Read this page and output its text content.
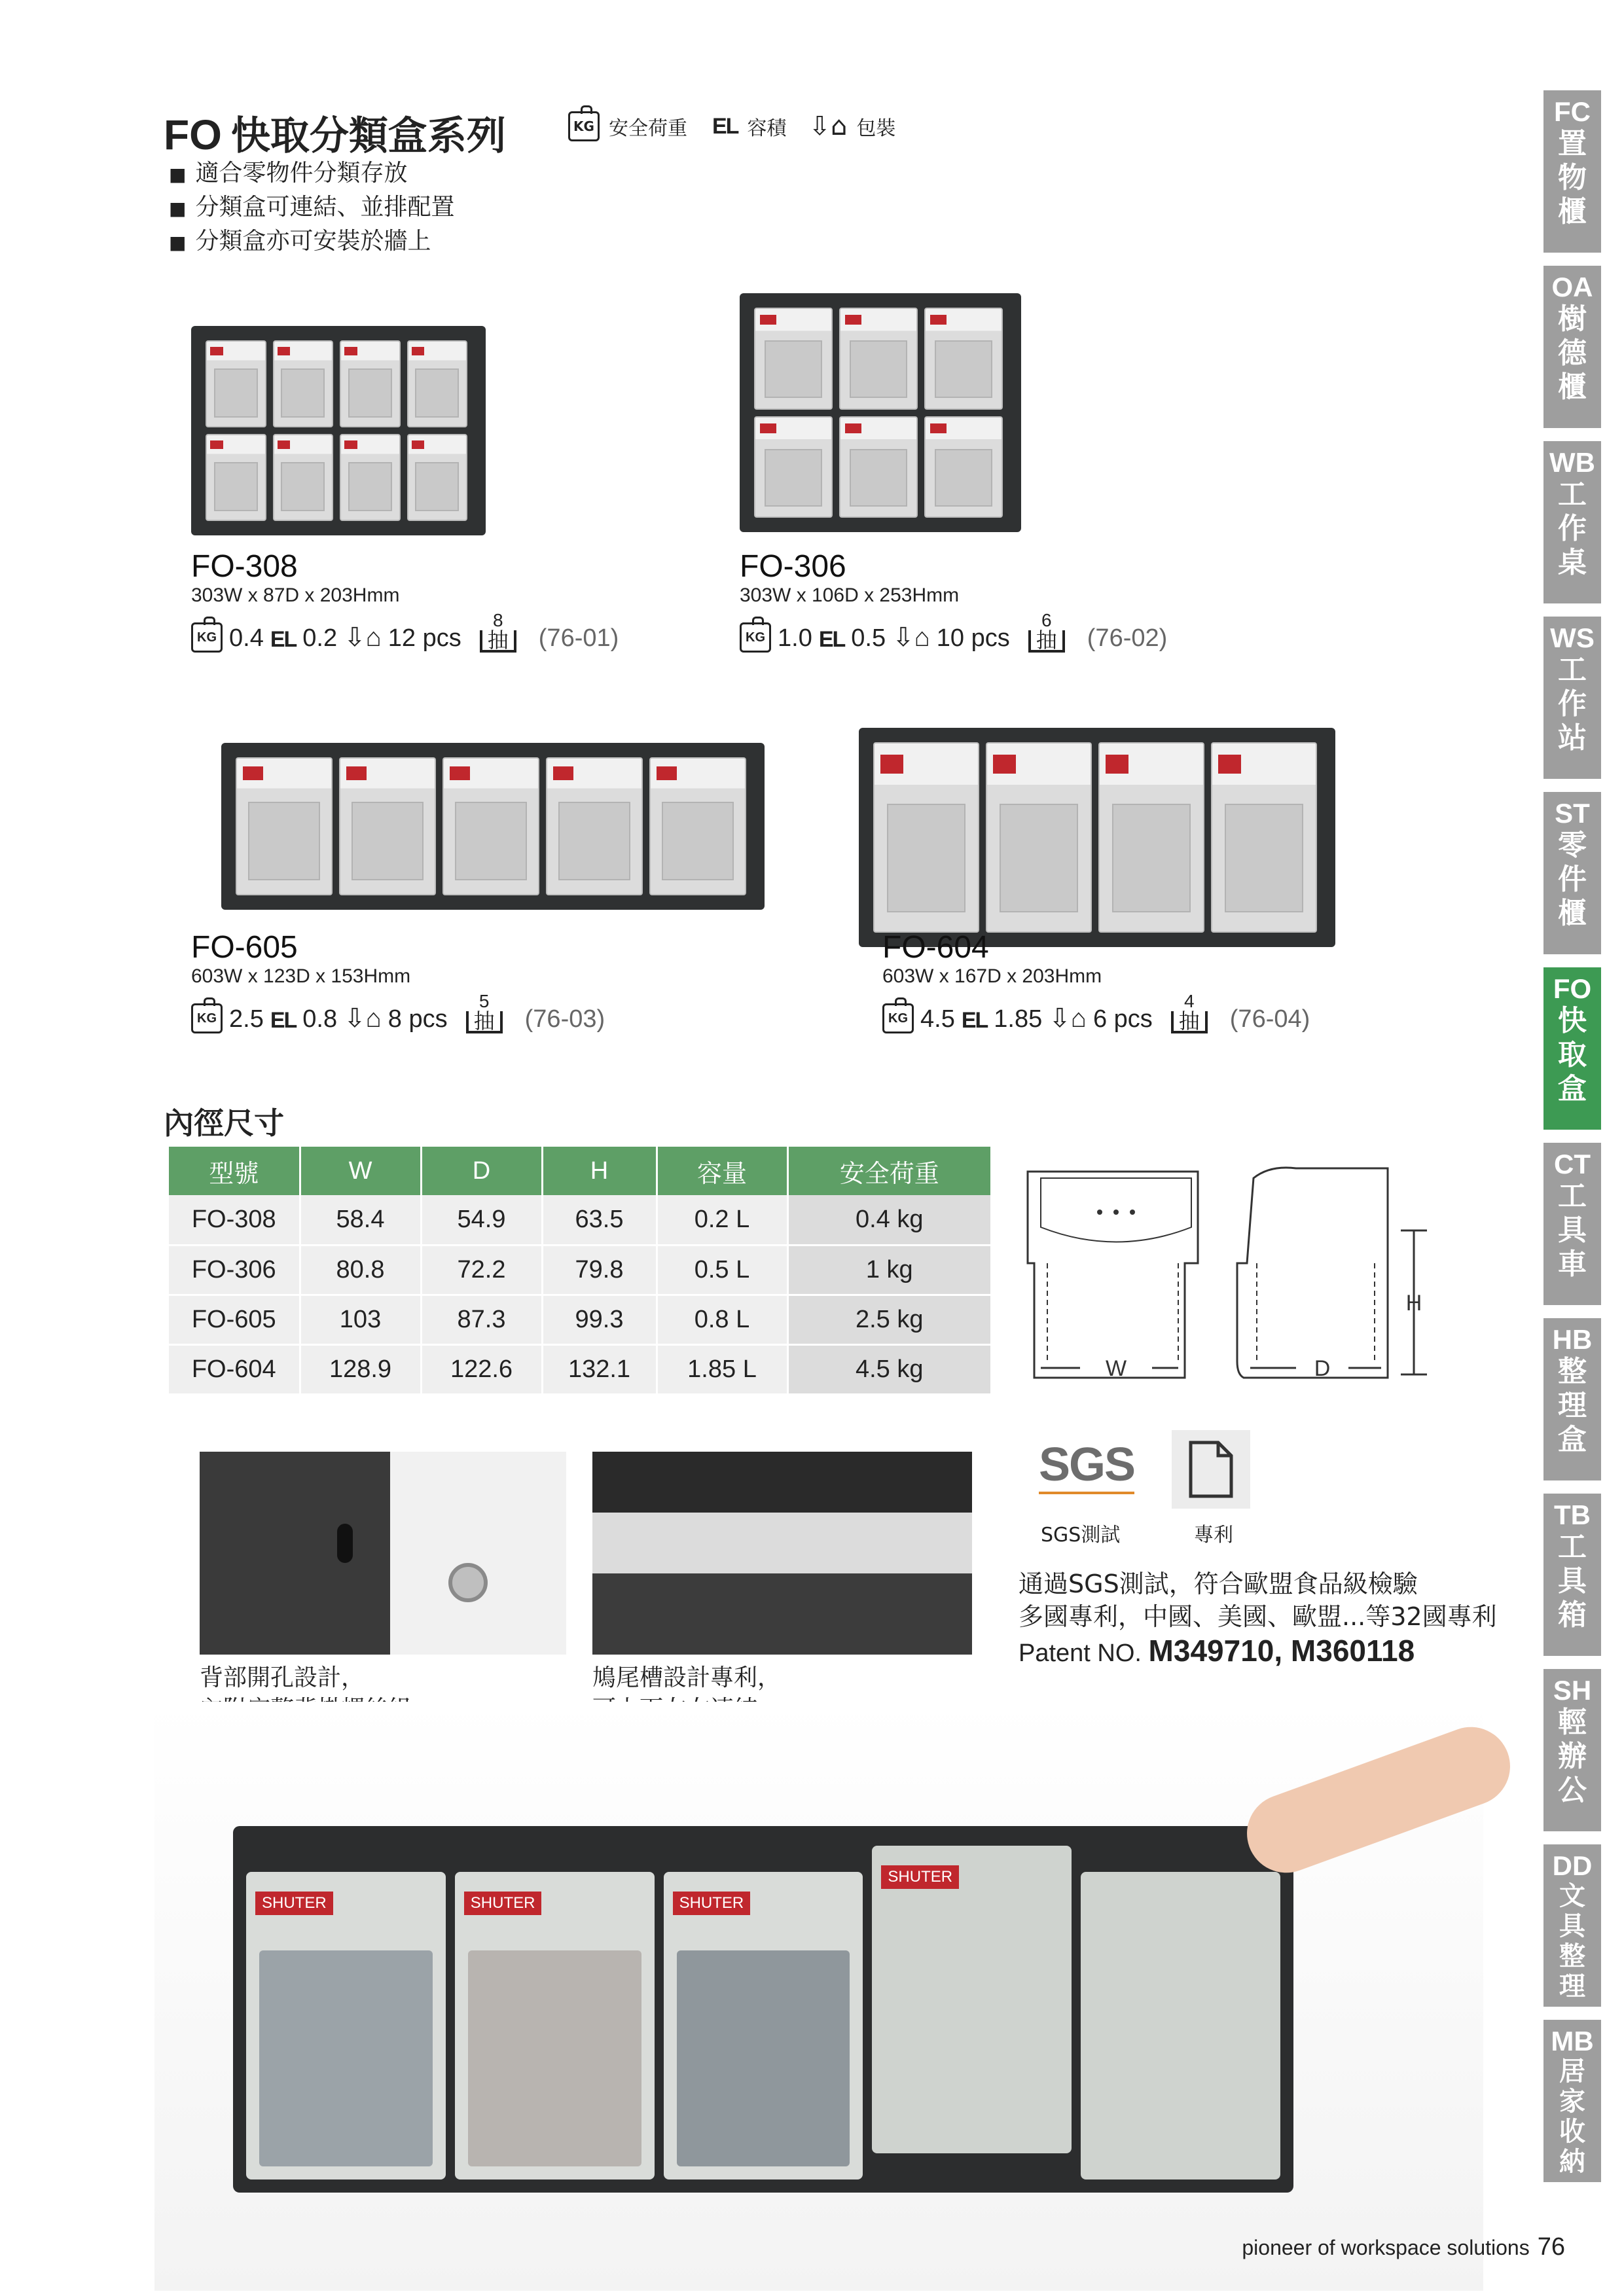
FO 快取分類盒系列	KG 安全荷重 EL 容積 ⇩⌂ 包裝
■ 適合零物件分類存放
■ 分類盒可連結、並排配置
■ 分類盒亦可安裝於牆上
FO-308
303W x 87D x 203Hmm
KG 0.4 EL 0.2 ⇩⌂ 12 pcs
8
抽	(76-01)
FO-306
303W x 106D x 253Hmm
KG 1.0 EL 0.5 ⇩⌂ 10 pcs
6
抽	(76-02)
FO-605
603W x 123D x 153Hmm
KG 2.5 EL 0.8 ⇩⌂ 8 pcs
5
抽	(76-03)
FO-604
603W x 167D x 203Hmm
KG 4.5 EL 1.85 ⇩⌂ 6 pcs
4
抽	(76-04)
內徑尺寸
型號	W	D	H	容量	安全荷重
FO-308	58.4	54.9	63.5	0.2 L	0.4 kg
FO-306	80.8	72.2	79.8	0.5 L	1 kg
FO-605	103	87.3	99.3	0.8 L	2.5 kg
FO-604	128.9	122.6	132.1	1.85 L	4.5 kg	W	D
H
SGS
SGS測試	專利
通過SGS測試，符合歐盟食品級檢驗
多國專利，中國、美國、歐盟...等32國專利
Patent NO. M349710, M360118
背部開孔設計，	鳩尾槽設計專利，
SHUTER	SHUTER	SHUTER
SHUTER
FC
置物櫃
OA
樹德櫃
WB
工作桌
WS
工作站
ST
零件櫃
FO
快取盒
CT
工具車
HB
整理盒
TB
工具箱
SH
輕辦公
DD
文具整理
MB
居家收納
pioneer of workspace solutions 76
